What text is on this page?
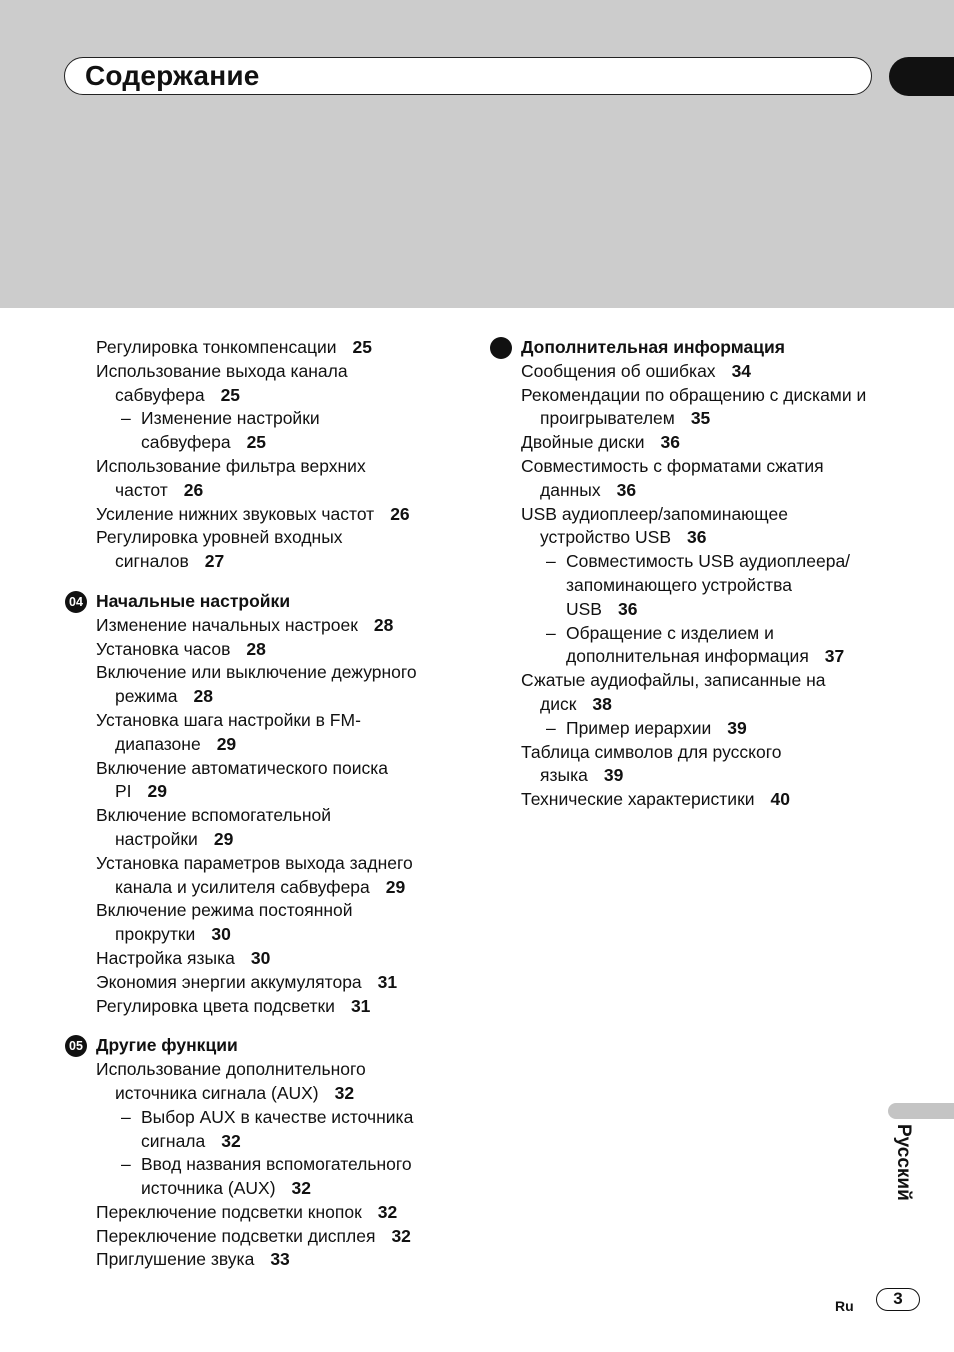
Содержание
Регулировка тонкомпенсации 25
Использование выхода канала
сабвуфера 25
– Изменение настройки
сабвуфера 25
Использование фильтра верхних
частот 26
Усиление нижних звуковых частот 26
Регулировка уровней входных
сигналов 27
04 Начальные настройки
Изменение начальных настроек 28
Установка часов 28
Включение или выключение дежурного
режима 28
Установка шага настройки в FM-
диапазоне 29
Включение автоматического поиска
PI 29
Включение вспомогательной
настройки 29
Установка параметров выхода заднего
канала и усилителя сабвуфера 29
Включение режима постоянной
прокрутки 30
Настройка языка 30
Экономия энергии аккумулятора 31
Регулировка цвета подсветки 31
05 Другие функции
Использование дополнительного
источника сигнала (AUX) 32
– Выбор AUX в качестве источника
сигнала 32
– Ввод названия вспомогательного
источника (AUX) 32
Переключение подсветки кнопок 32
Переключение подсветки дисплея 32
Приглушение звука 33
Дополнительная информация
Сообщения об ошибках 34
Рекомендации по обращению с дисками и
проигрывателем 35
Двойные диски 36
Совместимость с форматами сжатия
данных 36
USB аудиоплеер/запоминающее
устройство USB 36
– Совместимость USB аудиоплеера/
запоминающего устройства
USB 36
– Обращение с изделием и
дополнительная информация 37
Сжатые аудиофайлы, записанные на
диск 38
– Пример иерархии 39
Таблица символов для русского
языка 39
Технические характеристики 40
Русский
Ru	3
